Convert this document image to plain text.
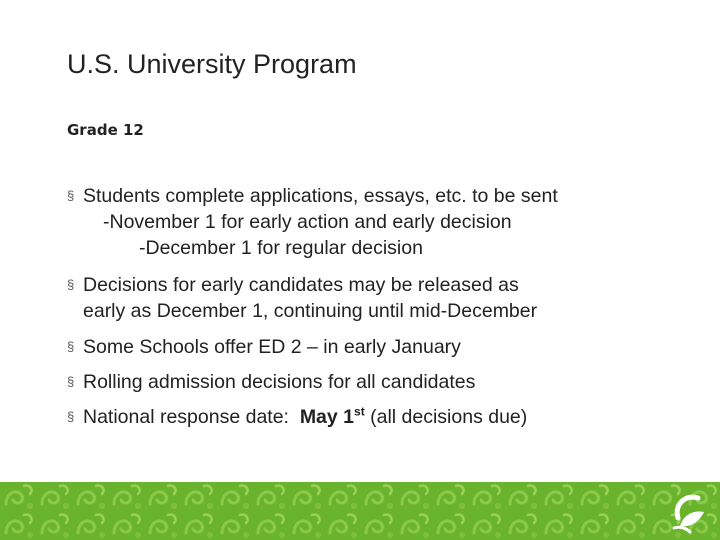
U.S. University Program
Grade 12
§ Students complete applications, essays, etc. to be sent
-November 1 for early action and early decision
-December 1 for regular decision
§ Decisions for early candidates may be released as
early as December 1, continuing until mid-December
§ Some Schools offer ED 2 – in early January
§ Rolling admission decisions for all candidates
§ National response date:  May 1st (all decisions due)
